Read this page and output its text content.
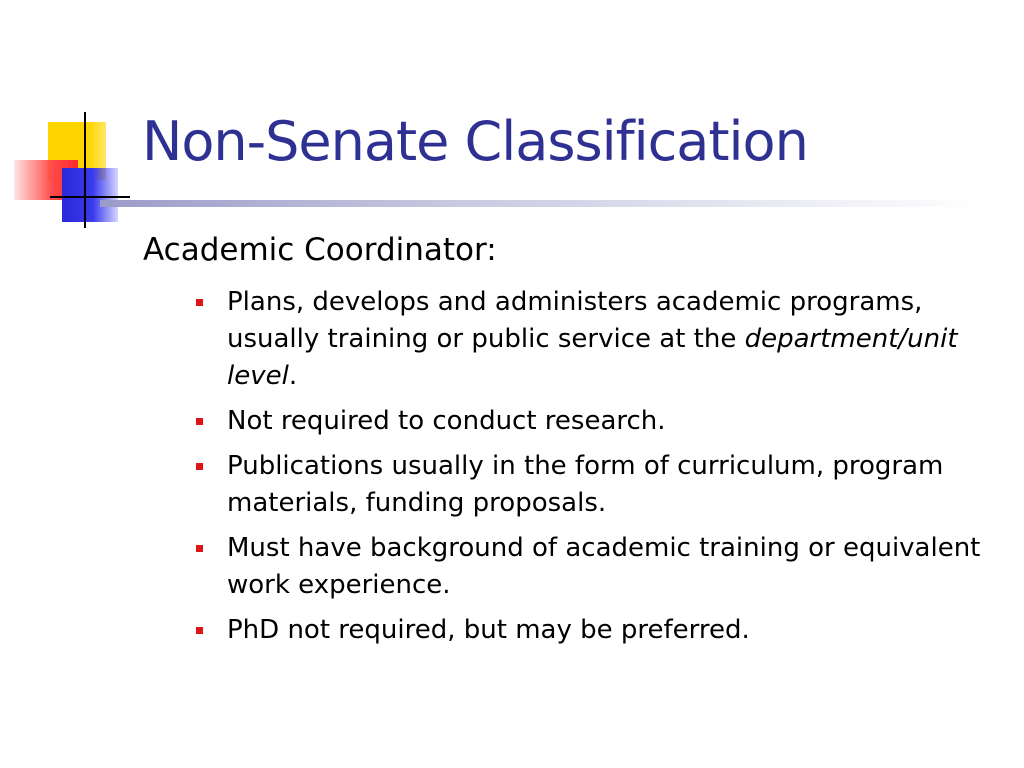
Non-Senate Classification
Academic Coordinator:
Plans, develops and administers academic programs, usually training or public service at the department/unit level.
Not required to conduct research.
Publications usually in the form of curriculum, program materials, funding proposals.
Must have background of academic training or equivalent work experience.
PhD not required, but may be preferred.
